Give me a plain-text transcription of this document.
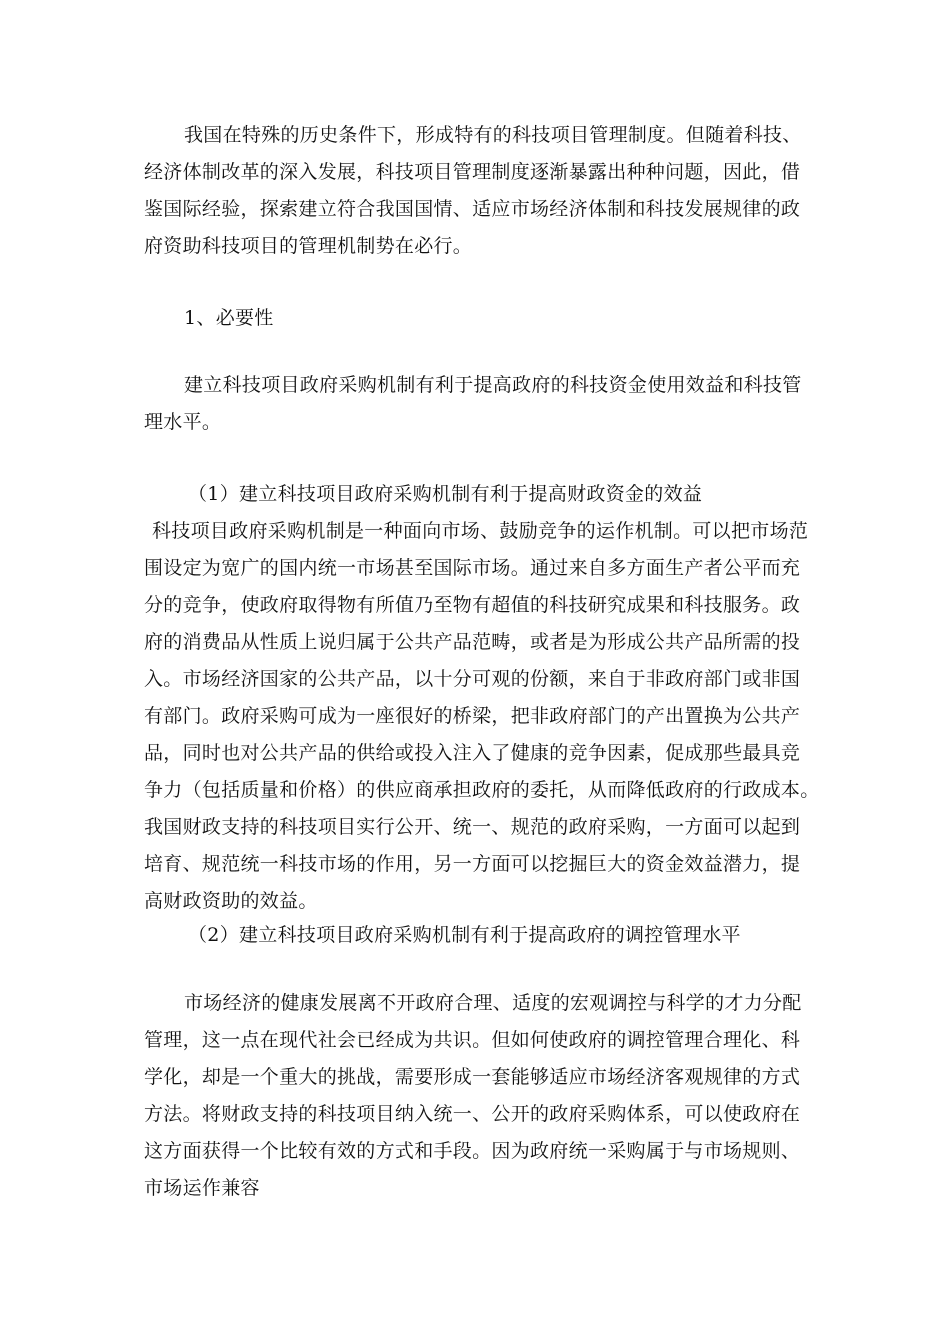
我国在特殊的历史条件下，形成特有的科技项目管理制度。但随着科技、
经济体制改革的深入发展，科技项目管理制度逐渐暴露出种种问题，因此，借
鉴国际经验，探索建立符合我国国情、适应市场经济体制和科技发展规律的政
府资助科技项目的管理机制势在必行。
1、必要性
建立科技项目政府采购机制有利于提高政府的科技资金使用效益和科技管
理水平。
（1）建立科技项目政府采购机制有利于提高财政资金的效益
科技项目政府采购机制是一种面向市场、鼓励竞争的运作机制。可以把市场范
围设定为宽广的国内统一市场甚至国际市场。通过来自多方面生产者公平而充
分的竞争，使政府取得物有所值乃至物有超值的科技研究成果和科技服务。政
府的消费品从性质上说归属于公共产品范畴，或者是为形成公共产品所需的投
入。市场经济国家的公共产品，以十分可观的份额，来自于非政府部门或非国
有部门。政府采购可成为一座很好的桥梁，把非政府部门的产出置换为公共产
品，同时也对公共产品的供给或投入注入了健康的竞争因素，促成那些最具竞
争力（包括质量和价格）的供应商承担政府的委托，从而降低政府的行政成本。
我国财政支持的科技项目实行公开、统一、规范的政府采购，一方面可以起到
培育、规范统一科技市场的作用，另一方面可以挖掘巨大的资金效益潜力，提
高财政资助的效益。
（2）建立科技项目政府采购机制有利于提高政府的调控管理水平
市场经济的健康发展离不开政府合理、适度的宏观调控与科学的才力分配
管理，这一点在现代社会已经成为共识。但如何使政府的调控管理合理化、科
学化，却是一个重大的挑战，需要形成一套能够适应市场经济客观规律的方式
方法。将财政支持的科技项目纳入统一、公开的政府采购体系，可以使政府在
这方面获得一个比较有效的方式和手段。因为政府统一采购属于与市场规则、
市场运作兼容
